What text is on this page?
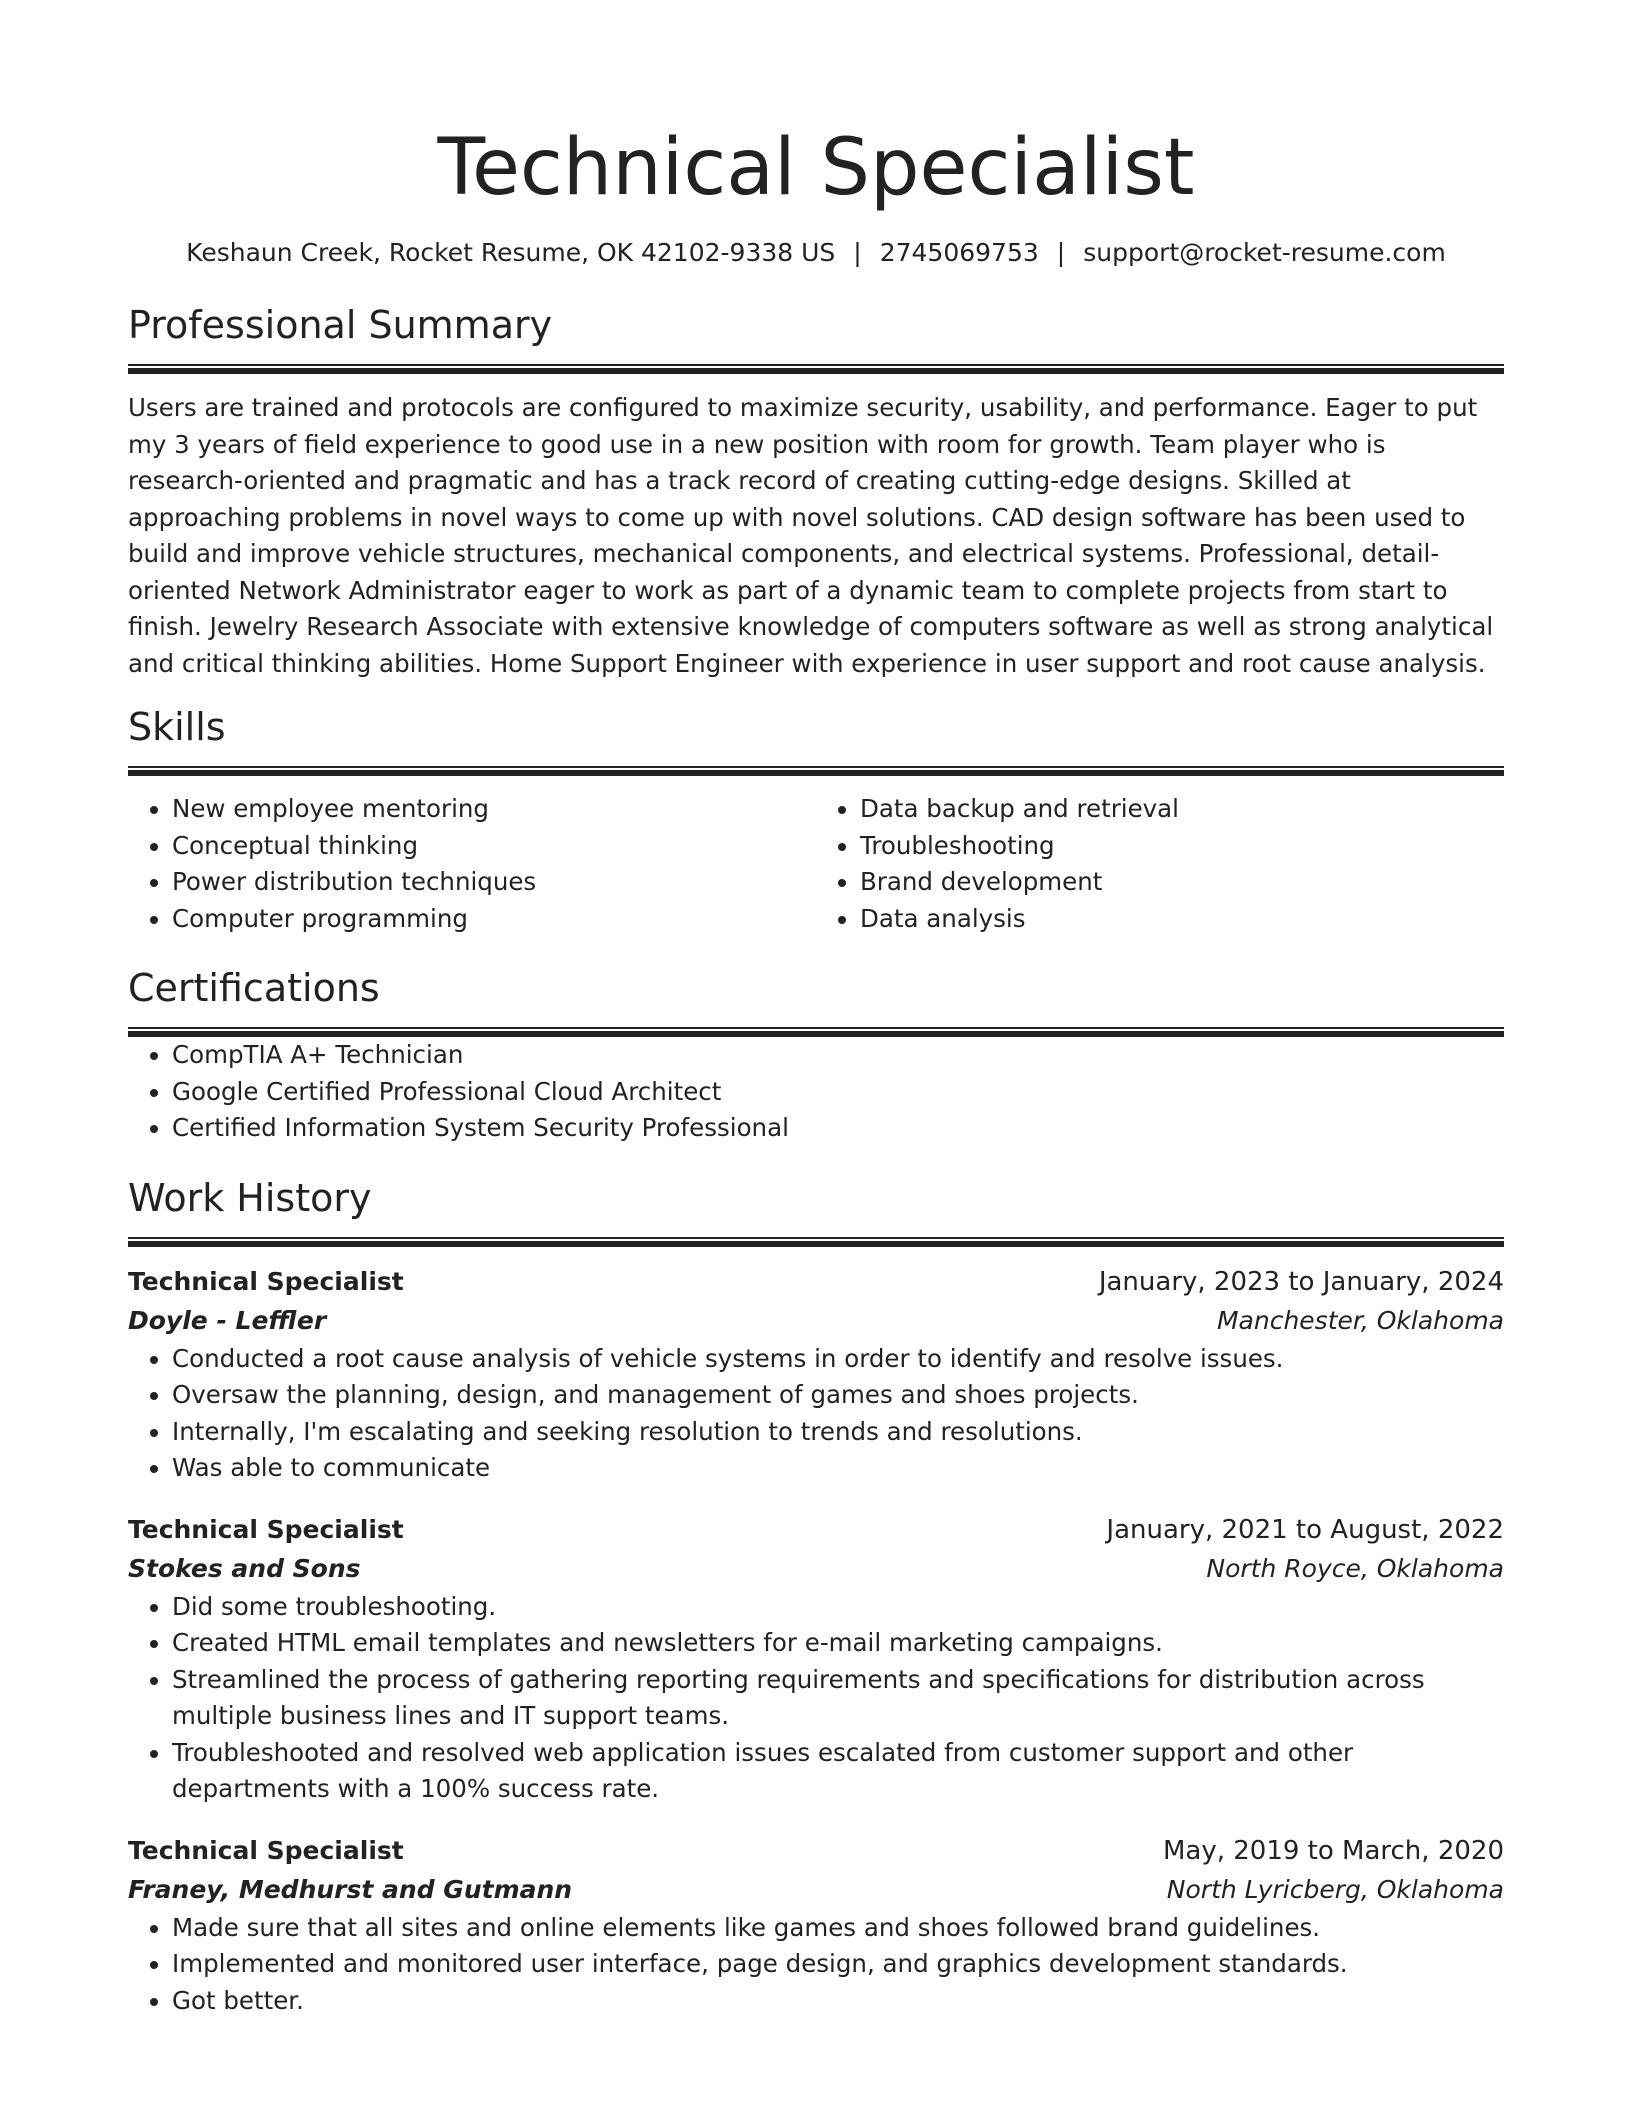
Technical Specialist
Keshaun Creek, Rocket Resume, OK 42102-9338 US | 2745069753 | support@rocket-resume.com
Professional Summary

Users are trained and protocols are configured to maximize security, usability, and performance. Eager to put my 3 years of field experience to good use in a new position with room for growth. Team player who is research-oriented and pragmatic and has a track record of creating cutting-edge designs. Skilled at approaching problems in novel ways to come up with novel solutions. CAD design software has been used to build and improve vehicle structures, mechanical components, and electrical systems. Professional, detail-oriented Network Administrator eager to work as part of a dynamic team to complete projects from start to finish. Jewelry Research Associate with extensive knowledge of computers software as well as strong analytical and critical thinking abilities. Home Support Engineer with experience in user support and root cause analysis.

Skills
• New employee mentoring
• Conceptual thinking
• Power distribution techniques
• Computer programming
• Data backup and retrieval
• Troubleshooting
• Brand development
• Data analysis
Certifications
• CompTIA A+ Technician
• Google Certified Professional Cloud Architect
• Certified Information System Security Professional
Work History
Technical Specialist	January, 2023 to January, 2024
Doyle - Leffler	Manchester, Oklahoma
• Conducted a root cause analysis of vehicle systems in order to identify and resolve issues.
• Oversaw the planning, design, and management of games and shoes projects.
• Internally, I'm escalating and seeking resolution to trends and resolutions.
• Was able to communicate
Technical Specialist	January, 2021 to August, 2022
Stokes and Sons	North Royce, Oklahoma
• Did some troubleshooting.
• Created HTML email templates and newsletters for e-mail marketing campaigns.
• Streamlined the process of gathering reporting requirements and specifications for distribution across multiple business lines and IT support teams.
• Troubleshooted and resolved web application issues escalated from customer support and other departments with a 100% success rate.
Technical Specialist	May, 2019 to March, 2020
Franey, Medhurst and Gutmann	North Lyricberg, Oklahoma
• Made sure that all sites and online elements like games and shoes followed brand guidelines.
• Implemented and monitored user interface, page design, and graphics development standards.
• Got better.
